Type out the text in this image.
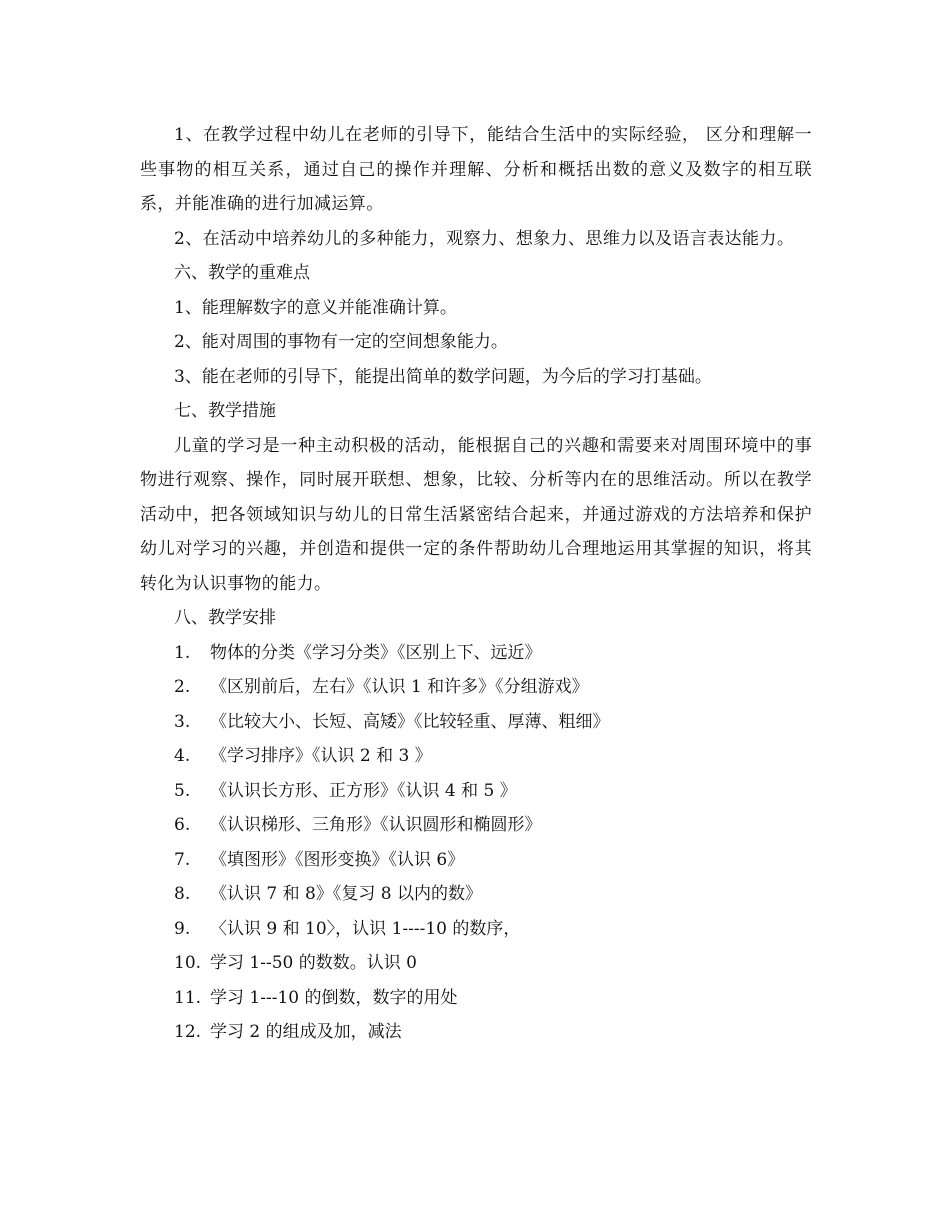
1、在教学过程中幼儿在老师的引导下，能结合生活中的实际经验， 区分和理解一些事物的相互关系，通过自己的操作并理解、分析和概括出数的意义及数字的相互联系，并能准确的进行加减运算。

2、在活动中培养幼儿的多种能力，观察力、想象力、思维力以及语言表达能力。

六、教学的重难点

1、能理解数字的意义并能准确计算。

2、能对周围的事物有一定的空间想象能力。

3、能在老师的引导下，能提出简单的数学问题，为今后的学习打基础。

七、教学措施

儿童的学习是一种主动积极的活动，能根据自己的兴趣和需要来对周围环境中的事物进行观察、操作，同时展开联想、想象，比较、分析等内在的思维活动。所以在教学活动中，把各领域知识与幼儿的日常生活紧密结合起来，并通过游戏的方法培养和保护幼儿对学习的兴趣，并创造和提供一定的条件帮助幼儿合理地运用其掌握的知识，将其转化为认识事物的能力。

八、教学安排

1. 物体的分类《学习分类》《区别上下、远近》

2. 《区别前后，左右》《认识 1 和许多》《分组游戏》

3. 《比较大小、长短、高矮》《比较轻重、厚薄、粗细》

4. 《学习排序》《认识 2 和 3 》

5. 《认识长方形、正方形》《认识 4 和 5 》

6. 《认识梯形、三角形》《认识圆形和椭圆形》

7. 《填图形》《图形变换》《认识 6》

8. 《认识 7 和 8》《复习 8 以内的数》

9. 〈认识 9 和 10〉，认识 1----10 的数序，

10. 学习 1--50 的数数。认识 0

11. 学习 1---10 的倒数，数字的用处

12. 学习 2 的组成及加，减法
